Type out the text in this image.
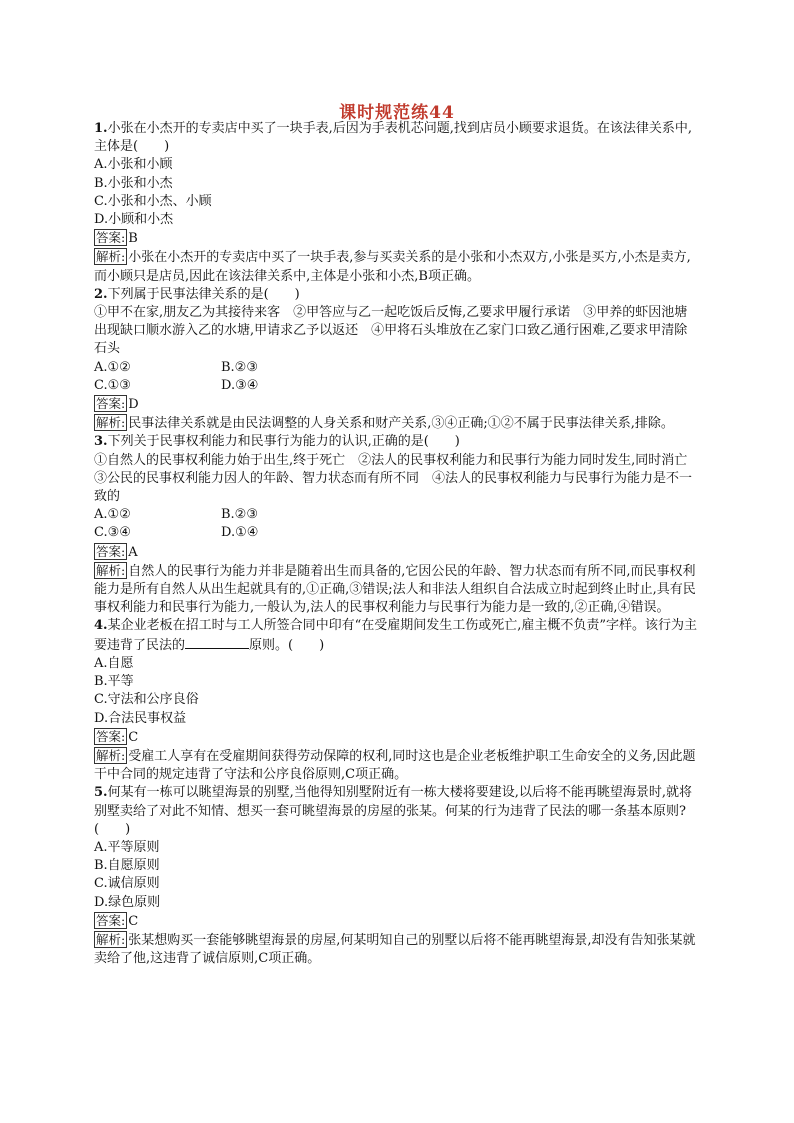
课时规范练44

1.小张在小杰开的专卖店中买了一块手表,后因为手表机芯问题,找到店员小顾要求退货。在该法律关系中,主体是(　　)

A.小张和小顾

B.小张和小杰

C.小张和小杰、小顾

D.小顾和小杰

答案: B

解析: 小张在小杰开的专卖店中买了一块手表,参与买卖关系的是小张和小杰双方,小张是买方,小杰是卖方,而小顾只是店员,因此在该法律关系中,主体是小张和小杰,B项正确。

2.下列属于民事法律关系的是(　　)

①甲不在家,朋友乙为其接待来客　②甲答应与乙一起吃饭后反悔,乙要求甲履行承诺　③甲养的虾因池塘出现缺口顺水游入乙的水塘,甲请求乙予以返还　④甲将石头堆放在乙家门口致乙通行困难,乙要求甲清除石头

A.①②	B.②③
C.①③	D.③④

答案: D

解析: 民事法律关系就是由民法调整的人身关系和财产关系,③④正确;①②不属于民事法律关系,排除。

3.下列关于民事权利能力和民事行为能力的认识,正确的是(　　)

①自然人的民事权利能力始于出生,终于死亡　②法人的民事权利能力和民事行为能力同时发生,同时消亡　③公民的民事权利能力因人的年龄、智力状态而有所不同　④法人的民事权利能力与民事行为能力是不一致的

A.①②	B.②③
C.③④	D.①④

答案: A

解析: 自然人的民事行为能力并非是随着出生而具备的,它因公民的年龄、智力状态而有所不同,而民事权利能力是所有自然人从出生起就具有的,①正确,③错误;法人和非法人组织自合法成立时起到终止时止,具有民事权利能力和民事行为能力,一般认为,法人的民事权利能力与民事行为能力是一致的,②正确,④错误。

4.某企业老板在招工时与工人所签合同中印有“在受雇期间发生工伤或死亡,雇主概不负责”字样。该行为主要违背了民法的	原则。(　　)

A.自愿

B.平等

C.守法和公序良俗

D.合法民事权益

答案: C

解析: 受雇工人享有在受雇期间获得劳动保障的权利,同时这也是企业老板维护职工生命安全的义务,因此题干中合同的规定违背了守法和公序良俗原则,C项正确。

5.何某有一栋可以眺望海景的别墅,当他得知别墅附近有一栋大楼将要建设,以后将不能再眺望海景时,就将别墅卖给了对此不知情、想买一套可眺望海景的房屋的张某。何某的行为违背了民法的哪一条基本原则?(　　)

A.平等原则

B.自愿原则

C.诚信原则

D.绿色原则

答案: C

解析: 张某想购买一套能够眺望海景的房屋,何某明知自己的别墅以后将不能再眺望海景,却没有告知张某就卖给了他,这违背了诚信原则,C项正确。
